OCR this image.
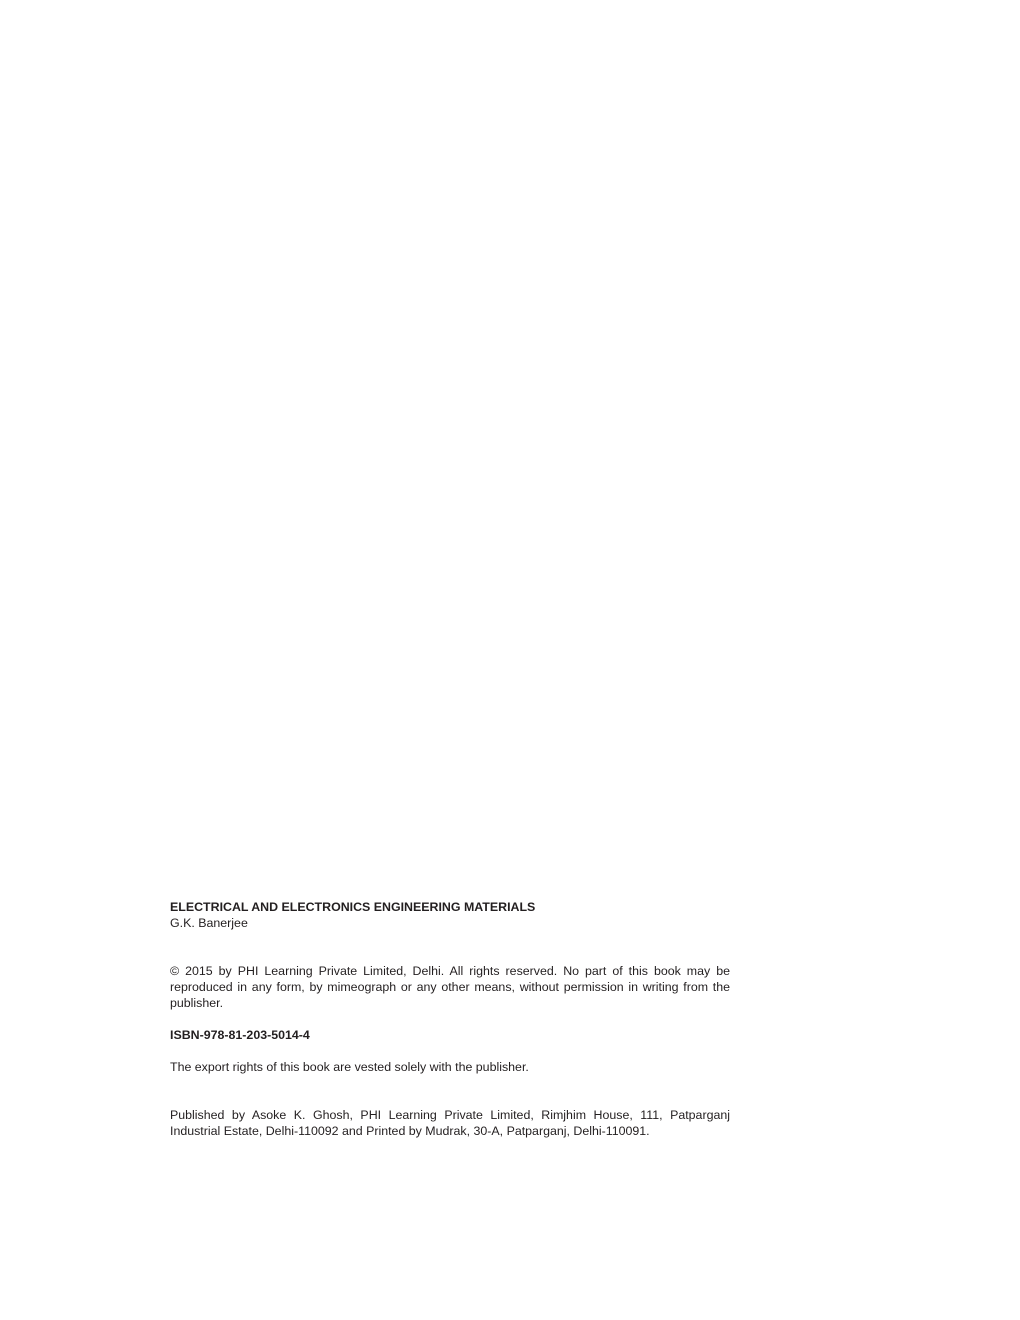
ELECTRICAL AND ELECTRONICS ENGINEERING MATERIALS

G.K. Banerjee

© 2015 by PHI Learning Private Limited, Delhi. All rights reserved. No part of this book may be reproduced in any form, by mimeograph or any other means, without permission in writing from the publisher.

ISBN-978-81-203-5014-4

The export rights of this book are vested solely with the publisher.

Published by Asoke K. Ghosh, PHI Learning Private Limited, Rimjhim House, 111, Patparganj Industrial Estate, Delhi-110092 and Printed by Mudrak, 30-A, Patparganj, Delhi-110091.
